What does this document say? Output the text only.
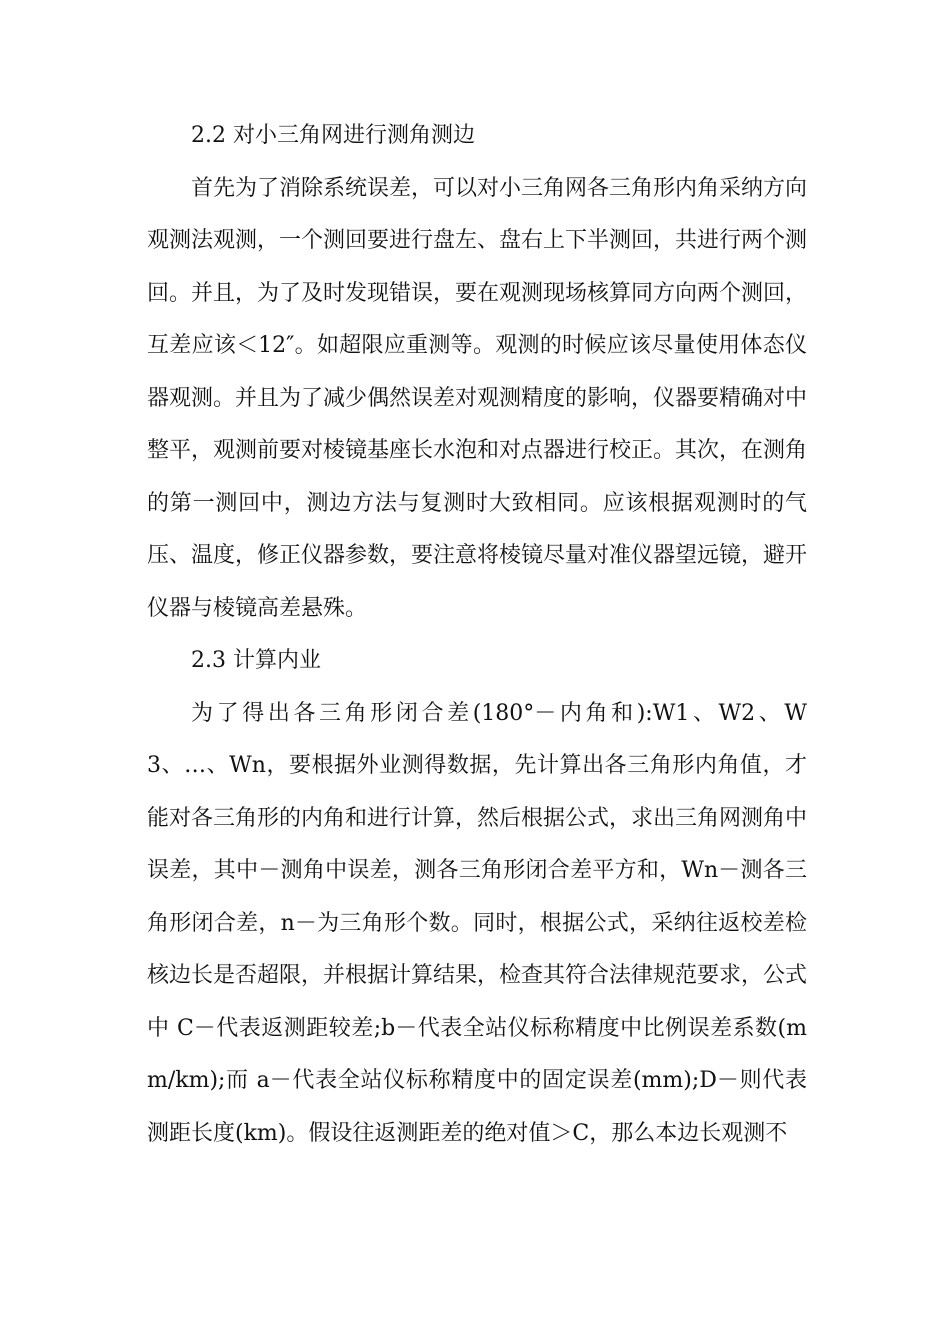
2.2 对小三角网进行测角测边

首先为了消除系统误差，可以对小三角网各三角形内角采纳方向观测法观测，一个测回要进行盘左、盘右上下半测回，共进行两个测回。并且，为了及时发现错误，要在观测现场核算同方向两个测回，互差应该＜12″。如超限应重测等。观测的时候应该尽量使用体态仪器观测。并且为了减少偶然误差对观测精度的影响，仪器要精确对中整平，观测前要对棱镜基座长水泡和对点器进行校正。其次，在测角的第一测回中，测边方法与复测时大致相同。应该根据观测时的气压、温度，修正仪器参数，要注意将棱镜尽量对准仪器望远镜，避开仪器与棱镜高差悬殊。

2.3 计算内业

为了得出各三角形闭合差(180°－内角和):W1、W2、W3、…、Wn，要根据外业测得数据，先计算出各三角形内角值，才能对各三角形的内角和进行计算，然后根据公式，求出三角网测角中误差，其中－测角中误差，测各三角形闭合差平方和，Wn－测各三角形闭合差，n－为三角形个数。同时，根据公式，采纳往返校差检核边长是否超限，并根据计算结果，检查其符合法律规范要求，公式中 C－代表返测距较差;b－代表全站仪标称精度中比例误差系数(mm/km);而 a－代表全站仪标称精度中的固定误差(mm);D－则代表测距长度(km)。假设往返测距差的绝对值＞C，那么本边长观测不
